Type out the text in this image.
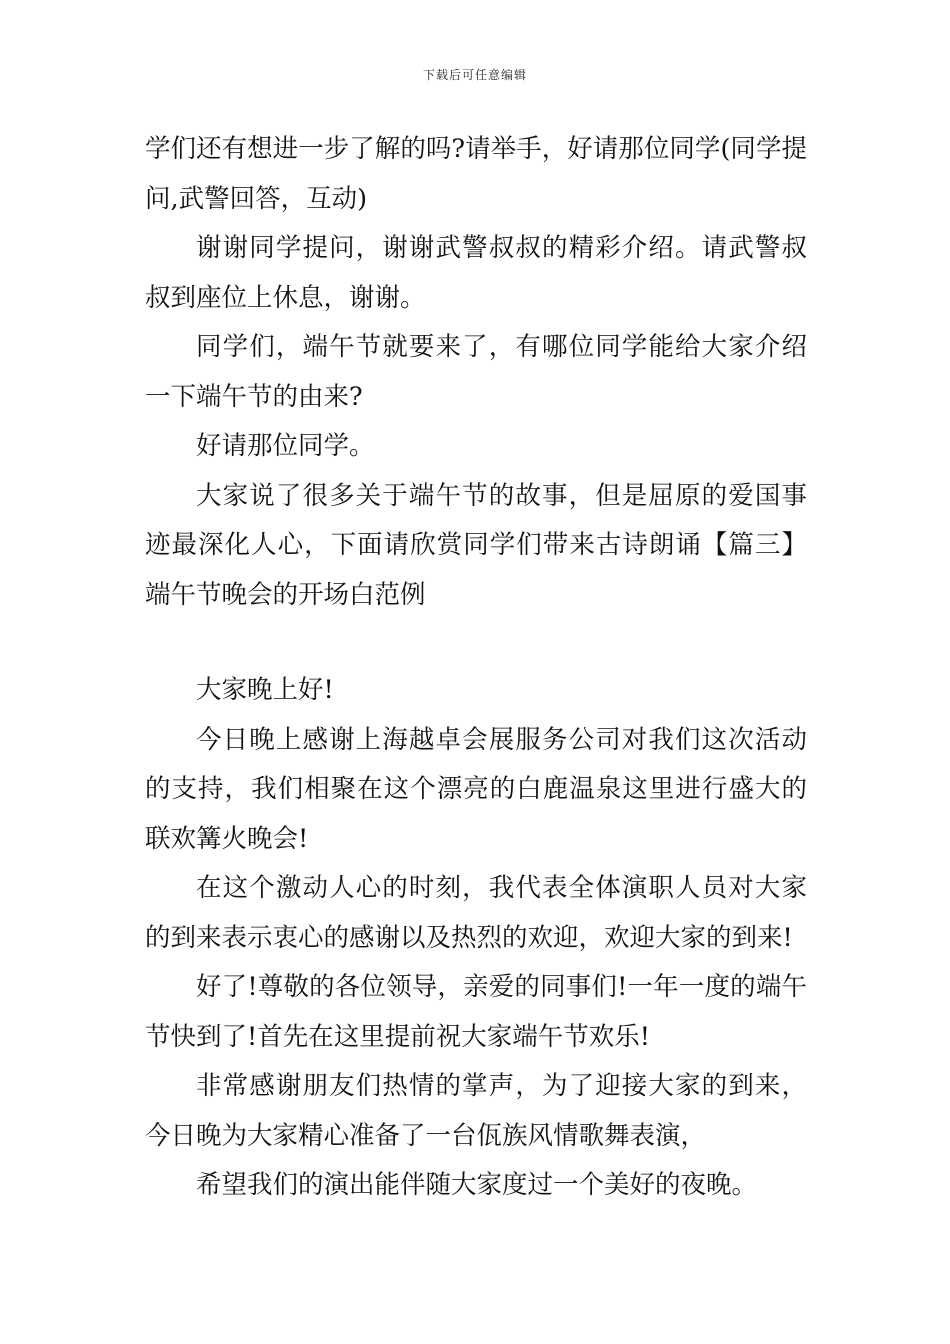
下载后可任意编辑

学们还有想进一步了解的吗?请举手，好请那位同学(同学提问,武警回答，互动)

谢谢同学提问，谢谢武警叔叔的精彩介绍。请武警叔叔到座位上休息，谢谢。

同学们，端午节就要来了，有哪位同学能给大家介绍一下端午节的由来?

好请那位同学。

大家说了很多关于端午节的故事，但是屈原的爱国事迹最深化人心，下面请欣赏同学们带来古诗朗诵【篇三】端午节晚会的开场白范例

大家晚上好!

今日晚上感谢上海越卓会展服务公司对我们这次活动的支持，我们相聚在这个漂亮的白鹿温泉这里进行盛大的联欢篝火晚会!

在这个激动人心的时刻，我代表全体演职人员对大家的到来表示衷心的感谢以及热烈的欢迎，欢迎大家的到来!

好了!尊敬的各位领导，亲爱的同事们!一年一度的端午节快到了!首先在这里提前祝大家端午节欢乐!

非常感谢朋友们热情的掌声，为了迎接大家的到来，今日晚为大家精心准备了一台佤族风情歌舞表演，

希望我们的演出能伴随大家度过一个美好的夜晚。
